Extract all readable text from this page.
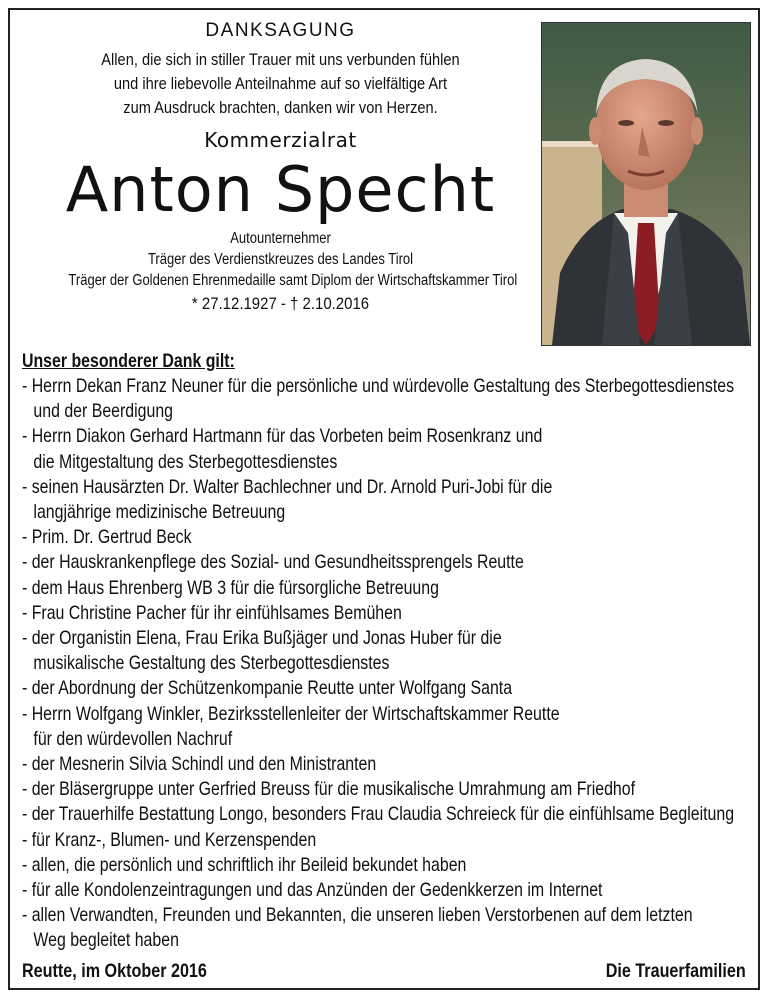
DANKSAGUNG
Allen, die sich in stiller Trauer mit uns verbunden fühlen
und ihre liebevolle Anteilnahme auf so vielfältige Art
zum Ausdruck brachten, danken wir von Herzen.
Kommerzialrat
Anton Specht
Autounternehmer
Träger des Verdienstkreuzes des Landes Tirol
Träger der Goldenen Ehrenmedaille samt Diplom der Wirtschaftskammer Tirol
* 27.12.1927 - † 2.10.2016
Unser besonderer Dank gilt:
- Herrn Dekan Franz Neuner für die persönliche und würdevolle Gestaltung des Sterbegottesdienstes
und der Beerdigung
- Herrn Diakon Gerhard Hartmann für das Vorbeten beim Rosenkranz und
die Mitgestaltung des Sterbegottesdienstes
- seinen Hausärzten Dr. Walter Bachlechner und Dr. Arnold Puri-Jobi für die
langjährige medizinische Betreuung
- Prim. Dr. Gertrud Beck
- der Hauskrankenpflege des Sozial- und Gesundheitssprengels Reutte
- dem Haus Ehrenberg WB 3 für die fürsorgliche Betreuung
- Frau Christine Pacher für ihr einfühlsames Bemühen
- der Organistin Elena, Frau Erika Bußjäger und Jonas Huber für die
musikalische Gestaltung des Sterbegottesdienstes
- der Abordnung der Schützenkompanie Reutte unter Wolfgang Santa
- Herrn Wolfgang Winkler, Bezirksstellenleiter der Wirtschaftskammer Reutte
für den würdevollen Nachruf
- der Mesnerin Silvia Schindl und den Ministranten
- der Bläsergruppe unter Gerfried Breuss für die musikalische Umrahmung am Friedhof
- der Trauerhilfe Bestattung Longo, besonders Frau Claudia Schreieck für die einfühlsame Begleitung
- für Kranz-, Blumen- und Kerzenspenden
- allen, die persönlich und schriftlich ihr Beileid bekundet haben
- für alle Kondolenzeintragungen und das Anzünden der Gedenkkerzen im Internet
- allen Verwandten, Freunden und Bekannten, die unseren lieben Verstorbenen auf dem letzten
Weg begleitet haben
Reutte, im Oktober 2016	Die Trauerfamilien
